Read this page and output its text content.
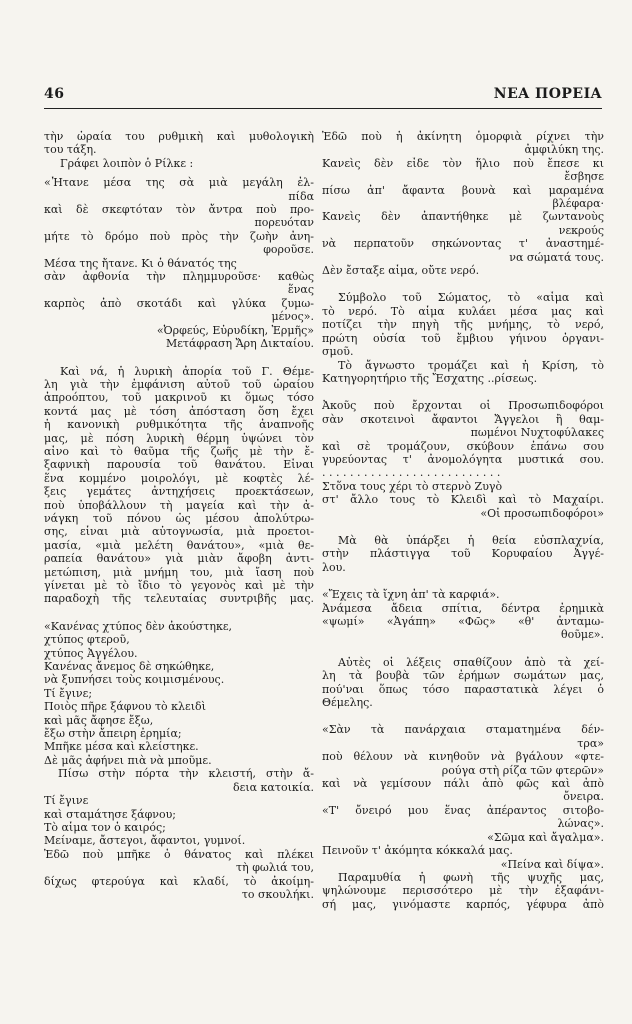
46	ΝΕΑ ΠΟΡΕΙΑ
τὴν ὡραία του ρυθμικὴ καὶ μυθολογικὴ
του τάξη.
Γράφει λοιπὸν ὁ Ρίλκε :
«Ἦτανε μέσα της σὰ μιὰ μεγάλη ἐλ-
πίδα
καὶ δὲ σκεφτόταν τὸν ἄντρα ποὺ προ-
πορευόταν
μήτε τὸ δρόμο ποὺ πρὸς τὴν ζωὴν ἀνη-
φοροῦσε.
Μέσα της ἤτανε. Κι ὁ θάνατός της
σὰν ἀφθονία τὴν πλημμυροῦσε· καθὼς
ἕνας
καρπὸς ἀπὸ σκοτάδι καὶ γλύκα ζυμω-
μένος».
«Ὀρφεύς, Εὐρυδίκη, Ἑρμῆς»
Μετάφραση Ἄρη Δικταίου.
Καὶ νά, ἡ λυρικὴ ἀπορία τοῦ Γ. Θέμε-
λη γιὰ τὴν ἐμφάνιση αὐτοῦ τοῦ ὡραίου
ἀπροόπτου, τοῦ μακρινοῦ κι ὅμως τόσο
κοντά μας μὲ τόση ἀπόσταση ὅση ἔχει
ἡ κανονικὴ ρυθμικότητα τῆς ἀναπνοῆς
μας, μὲ πόση λυρικὴ θέρμη ὑψώνει τὸν
αἶνο καὶ τὸ θαῦμα τῆς ζωῆς μὲ τὴν ἔ-
ξαφνικὴ παρουσία τοῦ θανάτου. Εἶναι
ἕνα κομμένο μοιρολόγι, μὲ κοφτὲς λέ-
ξεις γεμάτες ἀντηχήσεις προεκτάσεων,
ποὺ ὑποβάλλουν τὴ μαγεία καὶ τὴν ἀ-
νάγκη τοῦ πόνου ὡς μέσου ἀπολύτρω-
σης, εἶναι μιὰ αὐτογνωσία, μιὰ προετοι-
μασία, «μιὰ μελέτη θανάτου», «μιὰ θε-
ραπεία θανάτου» γιὰ μιὰν ἄφοβη ἀντι-
μετώπιση, μιὰ μνήμη του, μιὰ ἴαση ποὺ
γίνεται μὲ τὸ ἴδιο τὸ γεγονὸς καὶ μὲ τὴν
παραδοχὴ τῆς τελευταίας συντριβῆς μας.
«Κανένας χτύπος δὲν ἀκούστηκε,
χτύπος φτεροῦ,
χτύπος Ἀγγέλου.
Κανένας ἄνεμος δὲ σηκώθηκε,
νὰ ξυπνήσει τοὺς κοιμισμένους.
Τί ἔγινε;
Ποιὸς πῆρε ξάφνου τὸ κλειδὶ
καὶ μᾶς ἄφησε ἔξω,
ἔξω στὴν ἄπειρη ἐρημία;
Μπῆκε μέσα καὶ κλείστηκε.
Δὲ μᾶς ἀφήνει πιὰ νὰ μποῦμε.
Πίσω στὴν πόρτα τὴν κλειστή, στὴν ἄ-
δεια κατοικία.
Τί ἔγινε
καὶ σταμάτησε ξάφνου;
Τὸ αἷμα τον ὁ καιρός;
Μείναμε, ἄστεγοι, ἄφαντοι, γυμνοί.
Ἐδῶ ποὺ μπῆκε ὁ θάνατος καὶ πλέκει
τὴ φωλιά του,
δίχως φτερούγα καὶ κλαδί, τὸ ἀκοίμη-
το σκουλήκι.
Ἐδῶ ποὺ ἡ ἀκίνητη ὁμορφιὰ ρίχνει τὴν
ἀμφιλύκη της.
Κανεὶς δὲν εἶδε τὸν ἥλιο ποὺ ἔπεσε κι
ἔσβησε
πίσω ἀπ' ἄφαντα βουνὰ καὶ μαραμένα
βλέφαρα·
Κανεὶς δὲν ἀπαντήθηκε μὲ ζωντανοὺς
νεκρούς
νὰ περπατοῦν σηκώνοντας τ' ἀναστημέ-
να σώματά τους.
Δὲν ἔσταξε αἷμα, οὔτε νερό.
Σύμβολο τοῦ Σώματος, τὸ «αἷμα καὶ
τὸ νερό. Τὸ αἷμα κυλάει μέσα μας καὶ
ποτίζει τὴν πηγὴ τῆς μνήμης, τὸ νερό,
πρώτη οὐσία τοῦ ἔμβιου γήινου ὀργανι-
σμοῦ.
Τὸ ἄγνωστο τρομάζει καὶ ἡ Κρίση, τὸ
Κατηγορητήριο τῆς Ἔσχατης ..ρίσεως.
Ἀκοῦς ποὺ ἔρχονται οἱ Προσωπιδοφόροι
σὰν σκοτεινοὶ ἄφαντοι Ἄγγελοι ἢ θαμ-
πωμένοι Νυχτοφύλακες
καὶ σὲ τρομάζουν, σκύβουν ἐπάνω σου
γυρεύοντας τ' ἀνομολόγητα μυστικά σου.
. . . . . . . . . . . . . . . . . . . . . . . . . .
Στὅνα τους χέρι τὸ στερνὸ Ζυγὸ
στ' ἄλλο τους τὸ Κλειδὶ καὶ τὸ Μαχαίρι.
«Οἱ προσωπιδοφόροι»
Μὰ θὰ ὑπάρξει ἡ θεία εὐσπλαχνία,
στὴν πλάστιγγα τοῦ Κορυφαίου Ἀγγέ-
λου.
«Ἔχεις τὰ ἴχνη ἀπ' τὰ καρφιά».
Ἀνάμεσα ἄδεια σπίτια, δέντρα ἐρημικὰ
«ψωμί» «Ἀγάπη» «Φῶς» «θ' ἀνταμω-
θοῦμε».
Αὐτὲς οἱ λέξεις σπαθίζουν ἀπὸ τὰ χεί-
λη τὰ βουβὰ τῶν ἐρήμων σωμάτων μας,
πού'ναι ὅπως τόσο παραστατικὰ λέγει ὁ
Θέμελης.
«Σὰν τὰ πανάρχαια σταματημένα δέν-
τρα»
ποὺ θέλουν νὰ κινηθοῦν νὰ βγάλουν «φτε-
ρούγα στὴ ρίζα τῶν φτερῶν»
καὶ νὰ γεμίσουν πάλι ἀπὸ φῶς καὶ ἀπὸ
ὄνειρα.
«Τ' ὄνειρό μου ἕνας ἀπέραντος σιτοβο-
λώνας».
«Σῶμα καὶ ἄγαλμα».
Πεινοῦν τ' ἀκόμητα κόκκαλά μας.
«Πείνα καὶ δίψα».
Παραμυθία ἡ φωνὴ τῆς ψυχῆς μας,
ψηλώνουμε περισσότερο μὲ τὴν ἐξαφάνι-
σή μας, γινόμαστε καρπός, γέφυρα ἀπὸ
